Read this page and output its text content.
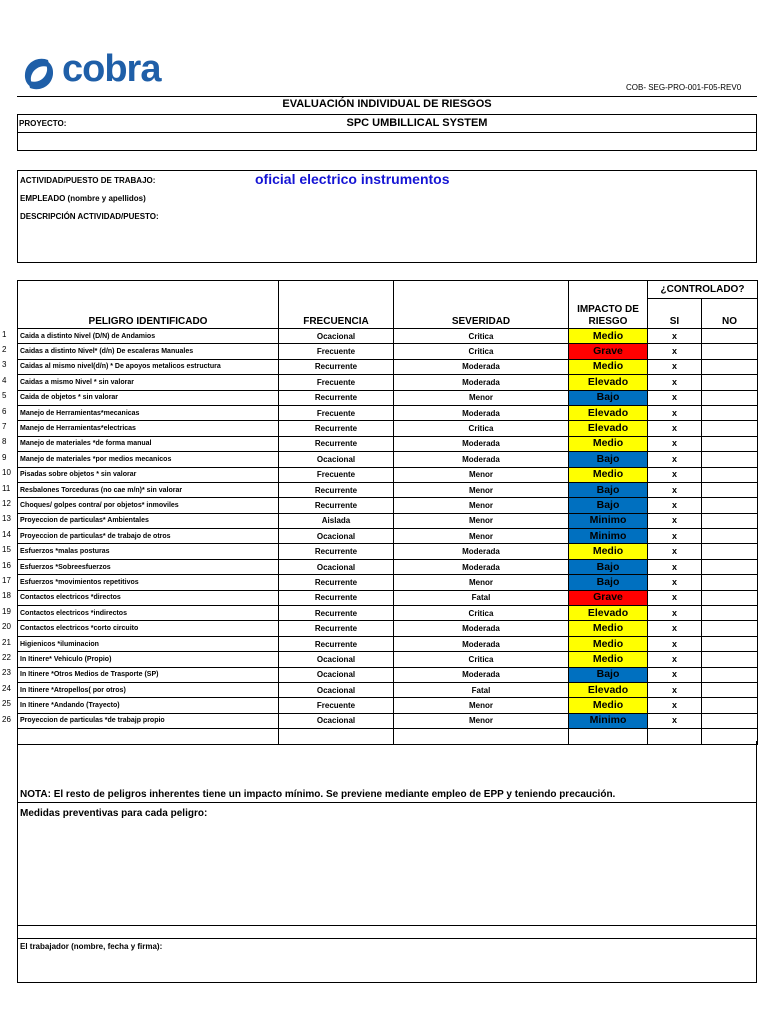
cobra	COB- SEG-PRO-001-F05-REV0
EVALUACIÓN INDIVIDUAL DE RIESGOS
PROYECTO:	SPC UMBILLICAL SYSTEM
ACTIVIDAD/PUESTO DE TRABAJO:	oficial electrico instrumentos
EMPLEADO (nombre y apellidos)
DESCRIPCIÓN ACTIVIDAD/PUESTO:
PELIGRO IDENTIFICADO	FRECUENCIA	SEVERIDAD	IMPACTO DE RIESGO	¿CONTROLADO?	
				SI	NO
Caida a distinto Nivel (D/N) de Andamios	Ocacional	Critica	Medio	x	
Caidas a distinto Nivel* (d/n) De escaleras Manuales	Frecuente	Critica	Grave	x	
Caidas al mismo nivel(d/n) * De apoyos metalicos estructura	Recurrente	Moderada	Medio	x	
Caidas a mismo Nivel * sin valorar	Frecuente	Moderada	Elevado	x	
Caida de objetos * sin valorar	Recurrente	Menor	Bajo	x	
Manejo de Herramientas*mecanicas	Frecuente	Moderada	Elevado	x	
Manejo de Herramientas*electricas	Recurrente	Critica	Elevado	x	
Manejo de materiales *de forma manual	Recurrente	Moderada	Medio	x	
Manejo de materiales *por medios mecanicos	Ocacional	Moderada	Bajo	x	
Pisadas sobre objetos * sin valorar	Frecuente	Menor	Medio	x	
Resbalones Torceduras (no cae m/n)* sin valorar	Recurrente	Menor	Bajo	x	
Choques/ golpes contra/ por objetos* inmoviles	Recurrente	Menor	Bajo	x	
Proyeccion de particulas* Ambientales	Aislada	Menor	Minimo	x	
Proyeccion de particulas* de trabajo de otros	Ocacional	Menor	Minimo	x	
Esfuerzos *malas posturas	Recurrente	Moderada	Medio	x	
Esfuerzos *Sobreesfuerzos	Ocacional	Moderada	Bajo	x	
Esfuerzos *movimientos repetitivos	Recurrente	Menor	Bajo	x	
Contactos electricos *directos	Recurrente	Fatal	Grave	x	
Contactos electricos *indirectos	Recurrente	Critica	Elevado	x	
Contactos electricos *corto circuito	Recurrente	Moderada	Medio	x	
Higienicos *iluminacion	Recurrente	Moderada	Medio	x	
In Itinere* Vehiculo (Propio)	Ocacional	Critica	Medio	x	
In Itinere *Otros Medios de Trasporte (SP)	Ocacional	Moderada	Bajo	x	
In Itinere *Atropellos( por otros)	Ocacional	Fatal	Elevado	x	
In Itinere *Andando (Trayecto)	Frecuente	Menor	Medio	x	
Proyeccion de particulas *de trabajp propio	Ocacional	Menor	Minimo	x	

1
2
3
4
5
6
7
8
9
10
11
12
13
14
15
16
17
18
19
20
21
22
23
24
25
26
NOTA: El resto de peligros inherentes tiene un impacto mínimo. Se previene mediante empleo de EPP y teniendo precaución.
Medidas preventivas para cada peligro:
El trabajador (nombre, fecha y firma):
